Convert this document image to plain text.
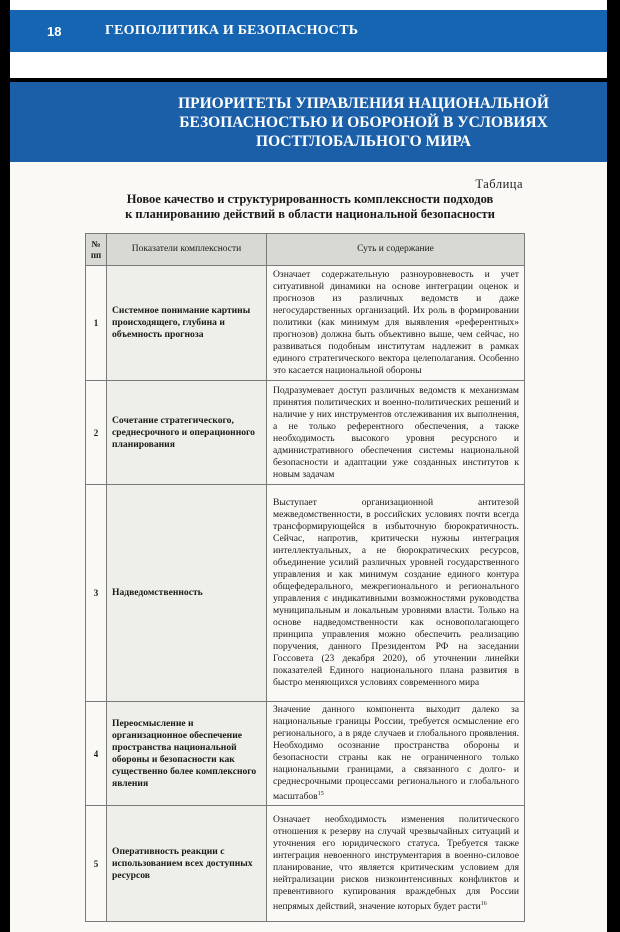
18	ГЕОПОЛИТИКА И БЕЗОПАСНОСТЬ
ПРИОРИТЕТЫ УПРАВЛЕНИЯ НАЦИОНАЛЬНОЙ
БЕЗОПАСНОСТЬЮ И ОБОРОНОЙ В УСЛОВИЯХ
ПОСТГЛОБАЛЬНОГО МИРА
Таблица
Новое качество и структурированность комплексности подходов
к планированию действий в области национальной безопасности
№ пп	Показатели комплексности	Суть и содержание
1	Системное понимание картины происходящего, глубина и объемность прогноза	Означает содержательную разноуровневость и учет ситуативной динамики на основе интеграции оценок и прогнозов из различных ведомств и даже негосударственных организаций. Их роль в формировании политики (как минимум для выявления «референтных» прогнозов) должна быть объективно выше, чем сейчас, но развиваться подобным институтам надлежит в рамках единого стратегического вектора целеполагания. Особенно это касается национальной обороны
2	Сочетание стратегического, среднесрочного и операционного планирования	Подразумевает доступ различных ведомств к механизмам принятия политических и военно-политических решений и наличие у них инструментов отслеживания их выполнения, а не только референтного обеспечения, а также необходимость высокого уровня ресурсного и административного обеспечения системы национальной безопасности и адаптации уже созданных институтов к новым задачам
3	Надведомственность	Выступает организационной антитезой межведомственности, в российских условиях почти всегда трансформирующейся в избыточную бюрократичность. Сейчас, напротив, критически нужны интеграция интеллектуальных, а не бюрократических ресурсов, объединение усилий различных уровней государственного управления и как минимум создание единого контура общефедерального, межрегионального и регионального управления с индикативными возможностями руководства муниципальным и локальным уровнями власти. Только на основе надведомственности как основополагающего принципа управления можно обеспечить реализацию поручения, данного Президентом РФ на заседании Госсовета (23 декабря 2020), об уточнении линейки показателей Единого национального плана развития в быстро меняющихся условиях современного мира
4	Переосмысление и организационное обеспечение пространства национальной обороны и безопасности как существенно более комплексного явления	Значение данного компонента выходит далеко за национальные границы России, требуется осмысление его регионального, а в ряде случаев и глобального проявления. Необходимо осознание пространства обороны и безопасности страны как не ограниченного только национальными границами, а связанного с долго- и среднесрочными процессами регионального и глобального масштабов$^{15}$
5	Оперативность реакции с использованием всех доступных ресурсов	Означает необходимость изменения политического отношения к резерву на случай чрезвычайных ситуаций и уточнения его юридического статуса. Требуется также интеграция невоенного инструментария в военно-силовое планирование, что является критическим условием для нейтрализации рисков низкоинтенсивных конфликтов и превентивного купирования враждебных для России непрямых действий, значение которых будет расти$^{16}$
